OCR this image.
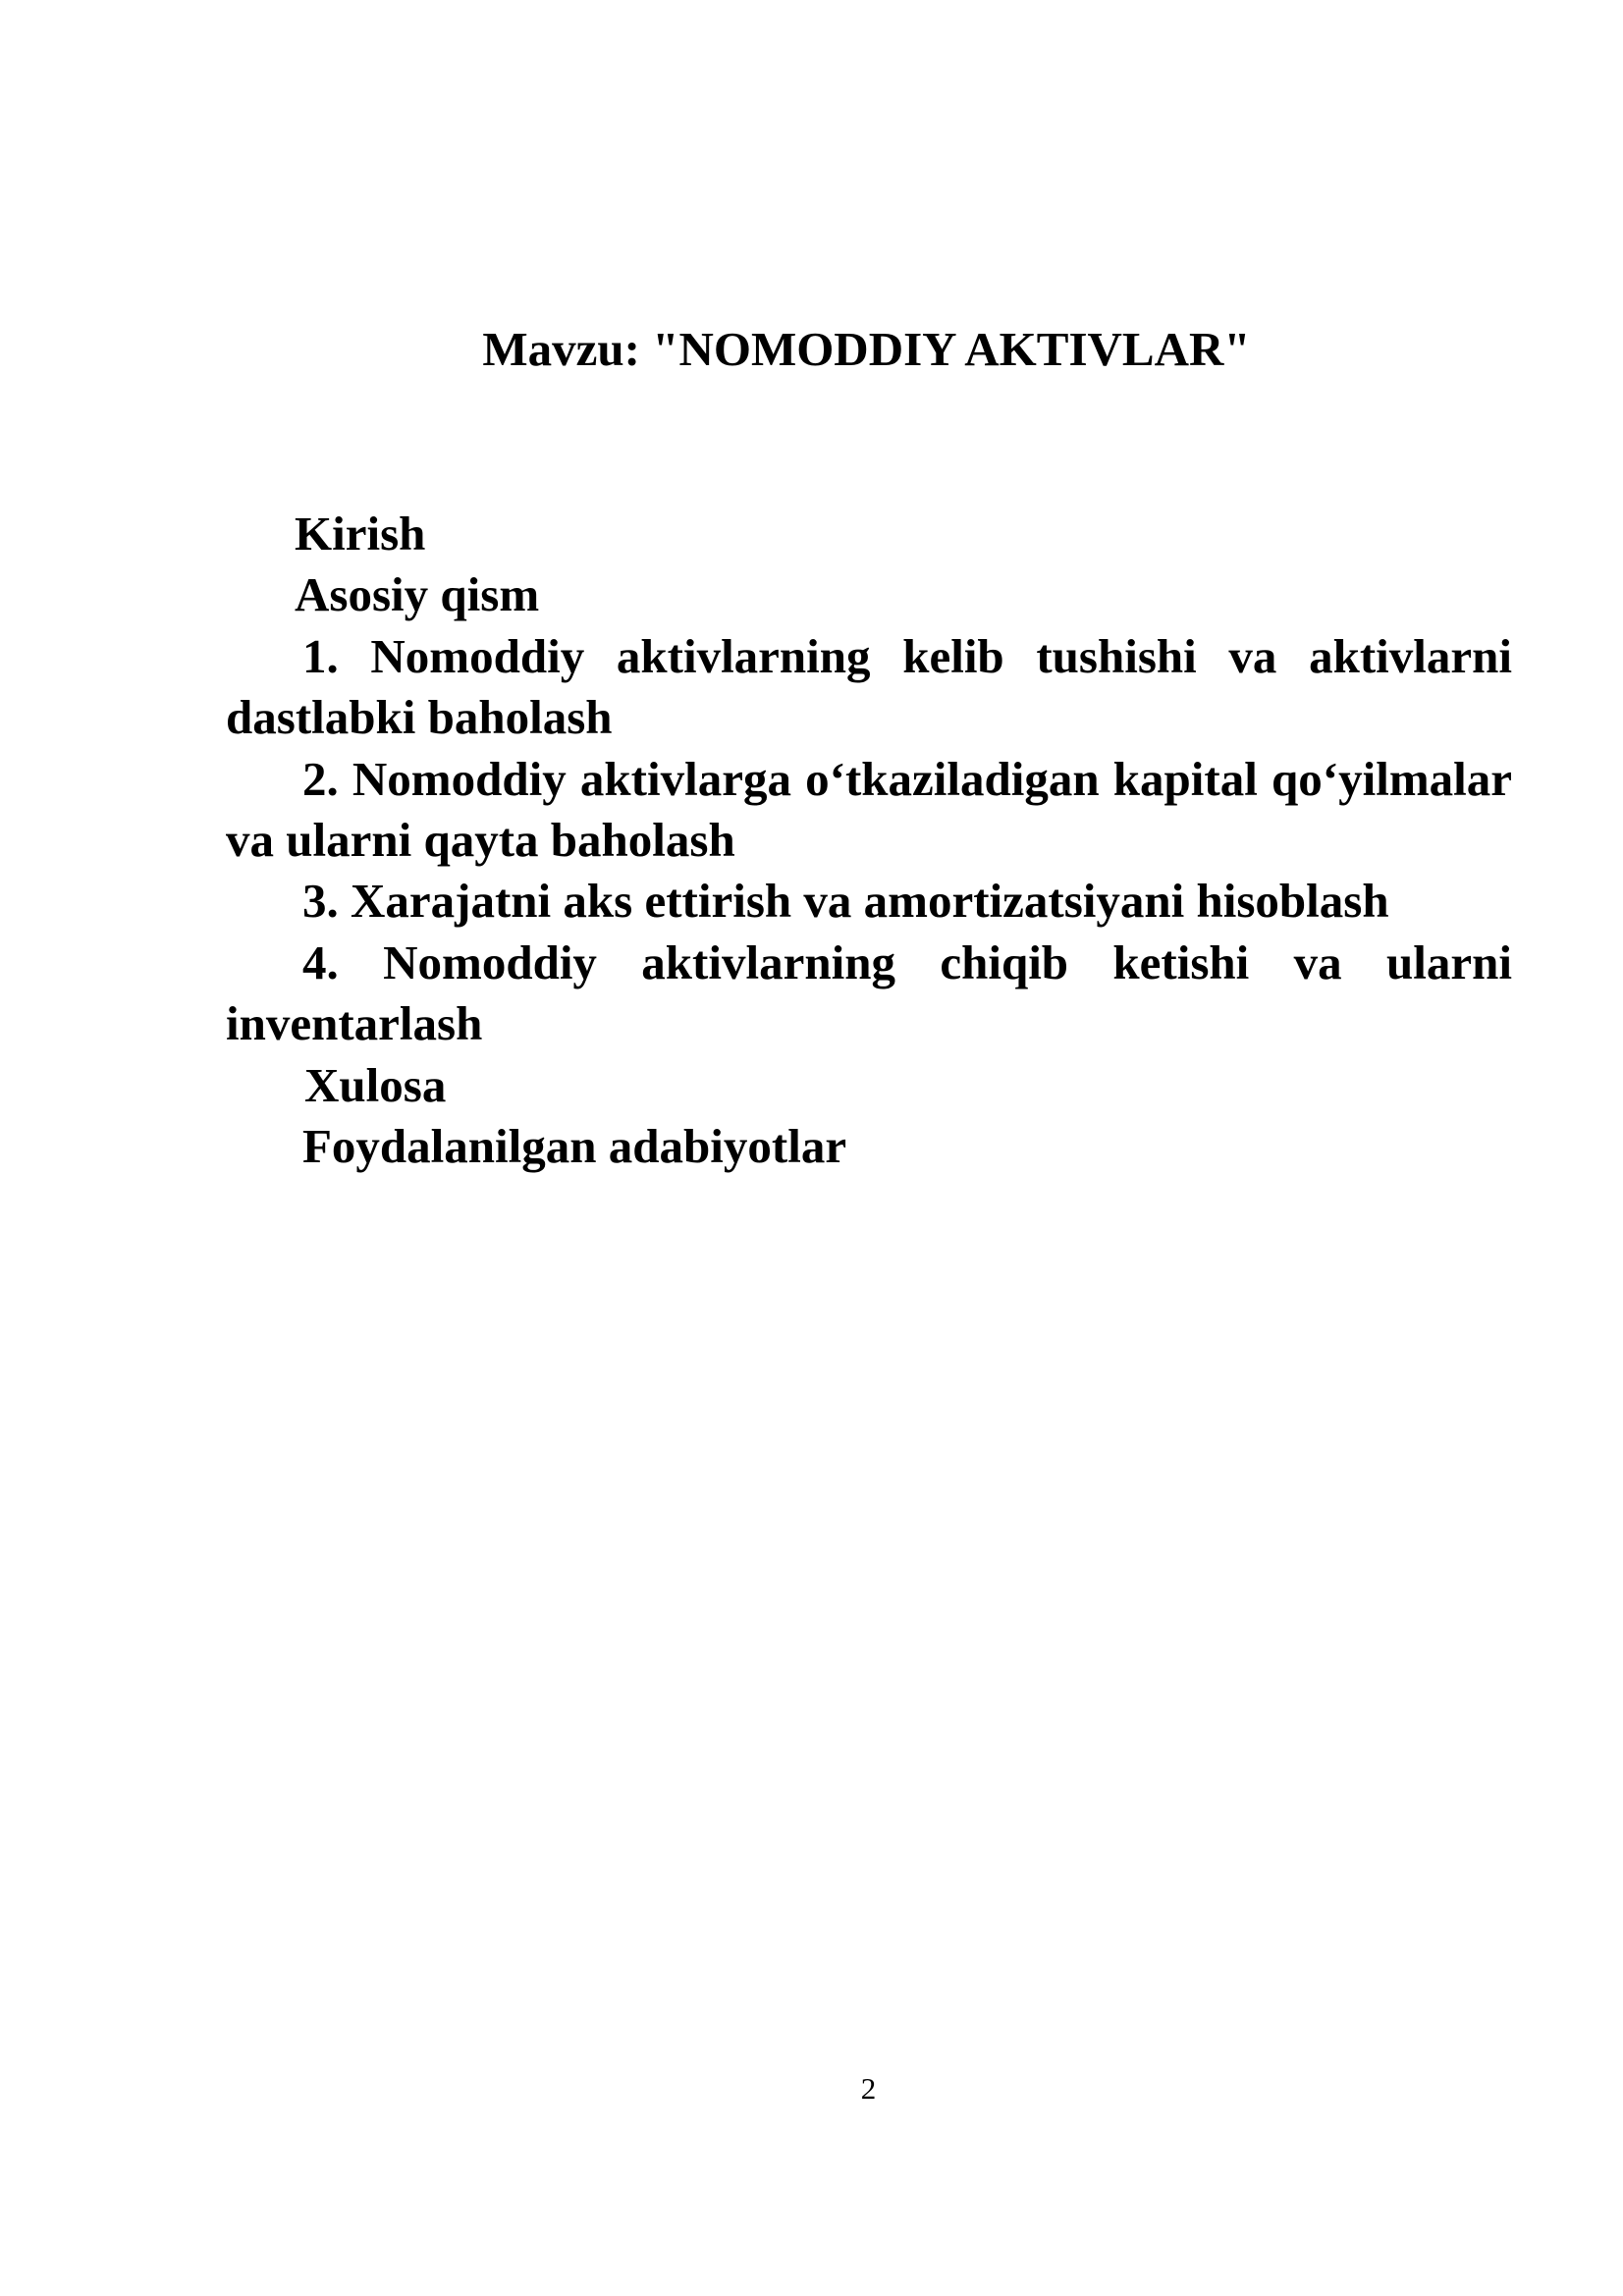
Mavzu: "NOMODDIY AKTIVLAR"

Kirish

Asosiy qism

1. Nomoddiy aktivlarning kelib tushishi va aktivlarni dastlabki baholash

2. Nomoddiy aktivlarga o‘tkaziladigan kapital qo‘yilmalar va ularni qayta baholash

3. Xarajatni aks ettirish va amortizatsiyani hisoblash

4. Nomoddiy aktivlarning chiqib ketishi va ularni inventarlash

Xulosa

Foydalanilgan adabiyotlar

2
